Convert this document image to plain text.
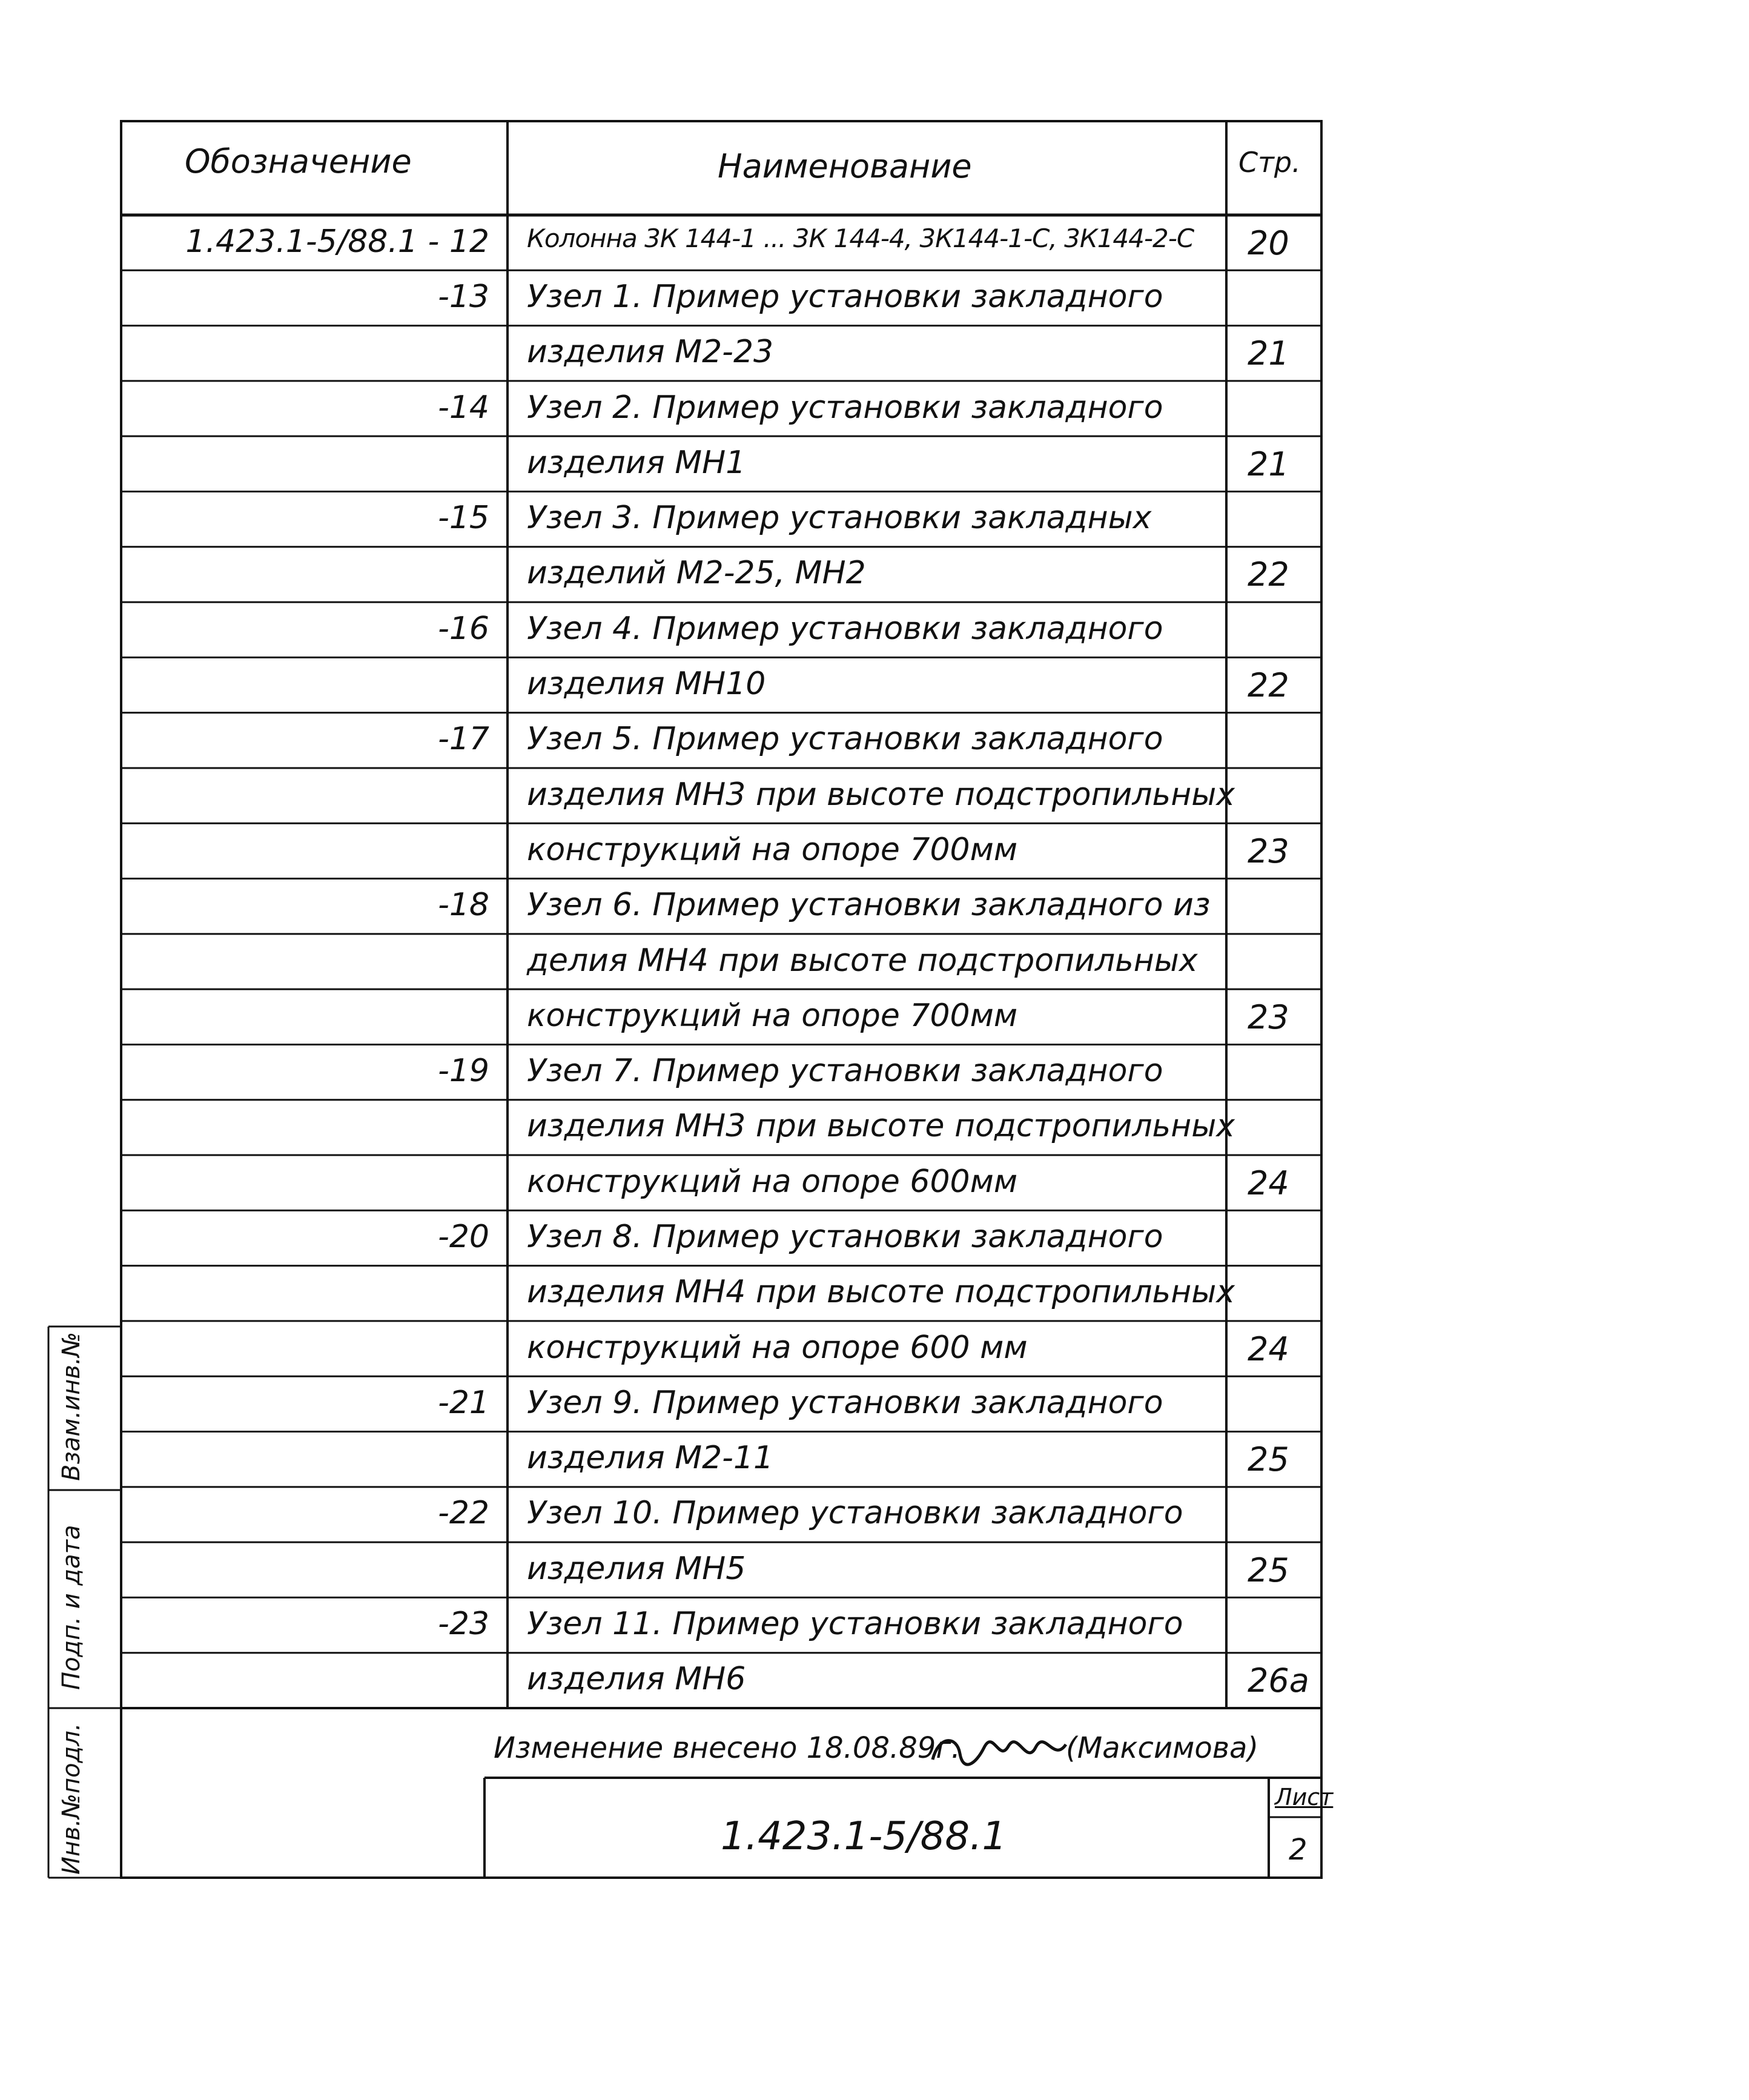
Обозначение	Наименование	Стр.
1.423.1-5/88.1 - 12 Колонна 3К 144-1 ... 3К 144-4, 3К144-1-С, 3К144-2-С 20
-13 Узел 1. Пример установки закладного
изделия М2-23	21
-14 Узел 2. Пример установки закладного
изделия МН1	21
-15 Узел 3. Пример установки закладных
изделий М2-25, МН2	22
-16 Узел 4. Пример установки закладного
изделия МН10	22
-17 Узел 5. Пример установки закладного
изделия МН3 при высоте подстропильных
конструкций на опоре 700мм	23
-18 Узел 6. Пример установки закладного из
делия МН4 при высоте подстропильных
конструкций на опоре 700мм	23
-19 Узел 7. Пример установки закладного
изделия МН3 при высоте подстропильных
конструкций на опоре 600мм	24
-20 Узел 8. Пример установки закладного
изделия МН4 при высоте подстропильных
конструкций на опоре 600 мм	24
-21 Узел 9. Пример установки закладного
изделия М2-11	25
-22 Узел 10. Пример установки закладного
изделия МН5	25
-23 Узел 11. Пример установки закладного
изделия МН6	26а
Изменение внесено 18.08.89г.	(Максимова)
1.423.1-5/88.1
Лист
2
Взам.инв.№
Подп. и дата
Инв.№подл.
